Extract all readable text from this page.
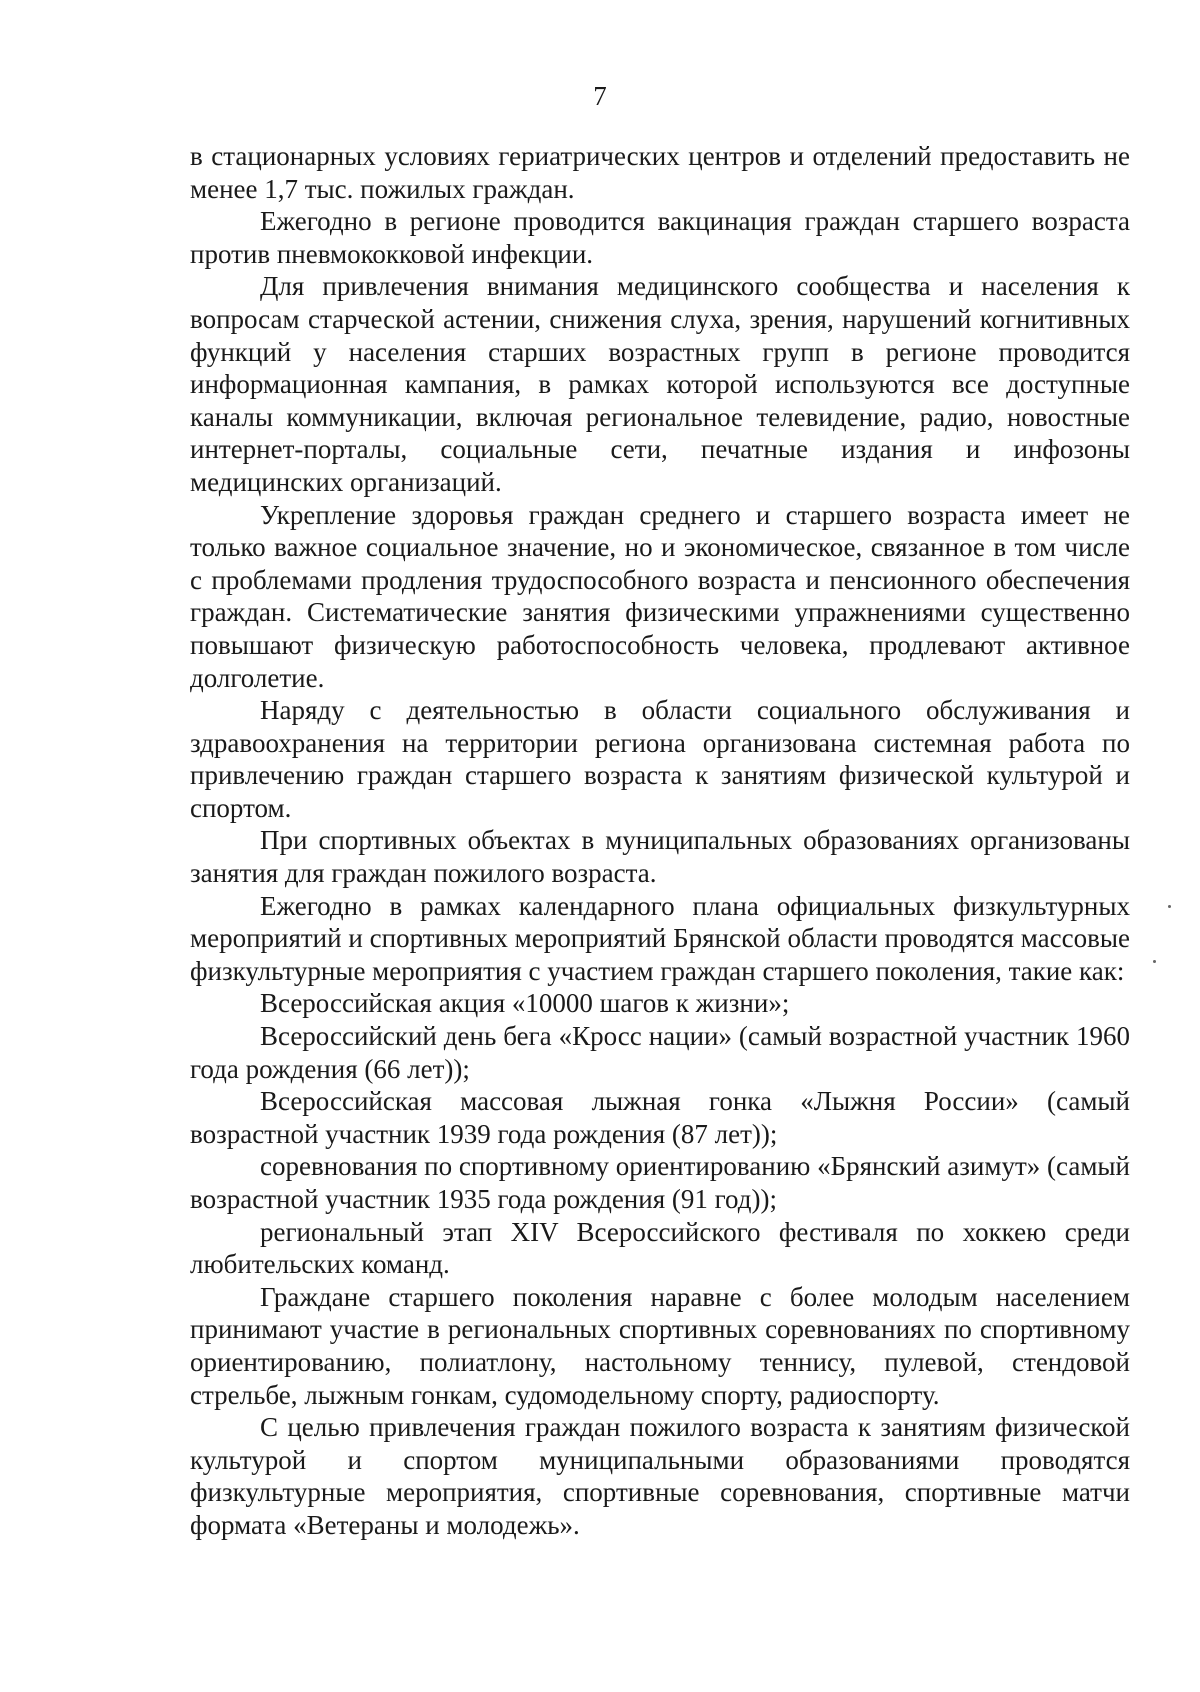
7

в стационарных условиях гериатрических центров и отделений предоставить не менее 1,7 тыс. пожилых граждан.

Ежегодно в регионе проводится вакцинация граждан старшего возраста против пневмококковой инфекции.

Для привлечения внимания медицинского сообщества и населения к вопросам старческой астении, снижения слуха, зрения, нарушений когнитивных функций у населения старших возрастных групп в регионе проводится информационная кампания, в рамках которой используются все доступные каналы коммуникации, включая региональное телевидение, радио, новостные интернет-порталы, социальные сети, печатные издания и инфозоны медицинских организаций.

Укрепление здоровья граждан среднего и старшего возраста имеет не только важное социальное значение, но и экономическое, связанное в том числе с проблемами продления трудоспособного возраста и пенсионного обеспечения граждан. Систематические занятия физическими упражнениями существенно повышают физическую работоспособность человека, продлевают активное долголетие.

Наряду с деятельностью в области социального обслуживания и здравоохранения на территории региона организована системная работа по привлечению граждан старшего возраста к занятиям физической культурой и спортом.

При спортивных объектах в муниципальных образованиях организованы занятия для граждан пожилого возраста.

Ежегодно в рамках календарного плана официальных физкультурных мероприятий и спортивных мероприятий Брянской области проводятся массовые физкультурные мероприятия с участием граждан старшего поколения, такие как:

Всероссийская акция «10000 шагов к жизни»;

Всероссийский день бега «Кросс нации» (самый возрастной участник 1960 года рождения (66 лет));

Всероссийская массовая лыжная гонка «Лыжня России» (самый возрастной участник 1939 года рождения (87 лет));

соревнования по спортивному ориентированию «Брянский азимут» (самый возрастной участник 1935 года рождения (91 год));

региональный этап XIV Всероссийского фестиваля по хоккею среди любительских команд.

Граждане старшего поколения наравне с более молодым населением принимают участие в региональных спортивных соревнованиях по спортивному ориентированию, полиатлону, настольному теннису, пулевой, стендовой стрельбе, лыжным гонкам, судомодельному спорту, радиоспорту.

С целью привлечения граждан пожилого возраста к занятиям физической культурой и спортом муниципальными образованиями проводятся физкультурные мероприятия, спортивные соревнования, спортивные матчи формата «Ветераны и молодежь».
